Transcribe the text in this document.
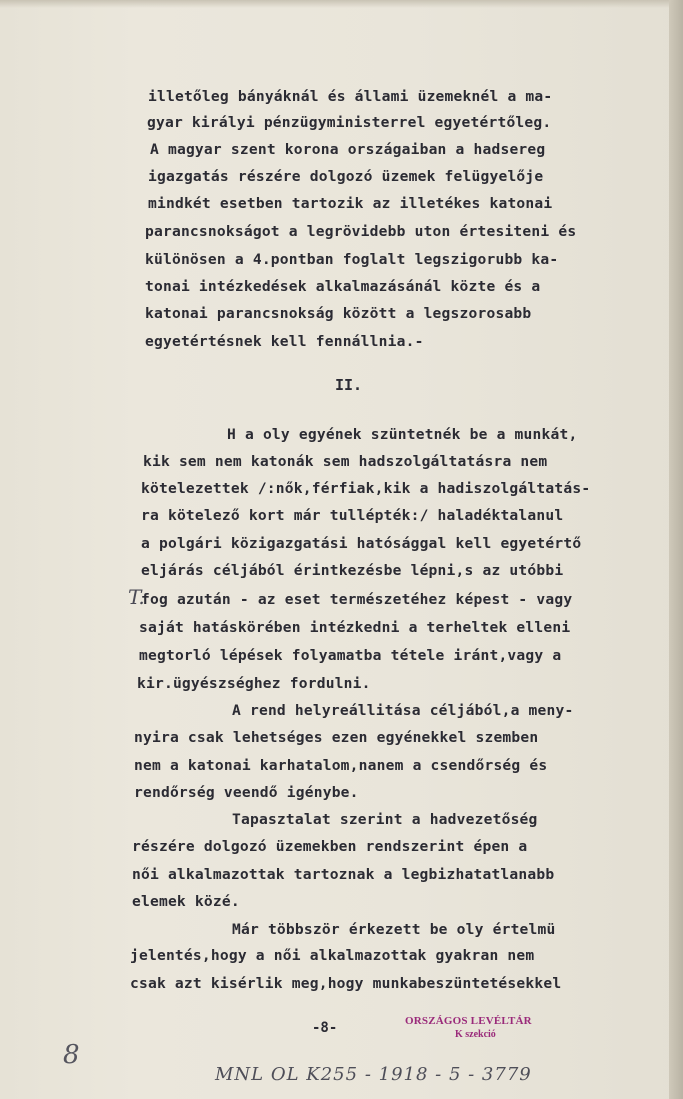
illetőleg bányáknál és állami üzemeknél a ma-
gyar királyi pénzügyministerrel egyetértőleg.
A magyar szent korona országaiban a hadsereg
igazgatás részére dolgozó üzemek felügyelője
mindkét esetben tartozik az illetékes katonai
parancsnokságot a legrövidebb uton értesiteni és
különösen a 4.pontban foglalt legszigorubb ka-
tonai intézkedések alkalmazásánál közte és a
katonai parancsnokság között a legszorosabb
egyetértésnek kell fennállnia.-
II.
H a oly egyének szüntetnék be a munkát,
kik sem nem katonák sem hadszolgáltatásra nem
kötelezettek /:nők,férfiak,kik a hadiszolgáltatás-
ra kötelező kort már tullépték:/ haladéktalanul
a polgári közigazgatási hatósággal kell egyetértő
eljárás céljából érintkezésbe lépni,s az utóbbi
fog azután - az eset természetéhez képest - vagy
saját hatáskörében intézkedni a terheltek elleni
megtorló lépések folyamatba tétele iránt,vagy a
kir.ügyészséghez fordulni.
A rend helyreállitása céljából,a meny-
nyira csak lehetséges ezen egyénekkel szemben
nem a katonai karhatalom,nanem a csendőrség és
rendőrség veendő igénybe.
Tapasztalat szerint a hadvezetőség
részére dolgozó üzemekben rendszerint épen a
női alkalmazottak tartoznak a legbizhatatlanabb
elemek közé.
Már többször érkezett be oly értelmü
jelentés,hogy a női alkalmazottak gyakran nem
csak azt kisérlik meg,hogy munkabeszüntetésekkel
T.
-8-	ORSZÁGOS LEVÉLTÁR
K szekció
8
MNL OL K255 - 1918 - 5 - 3779
